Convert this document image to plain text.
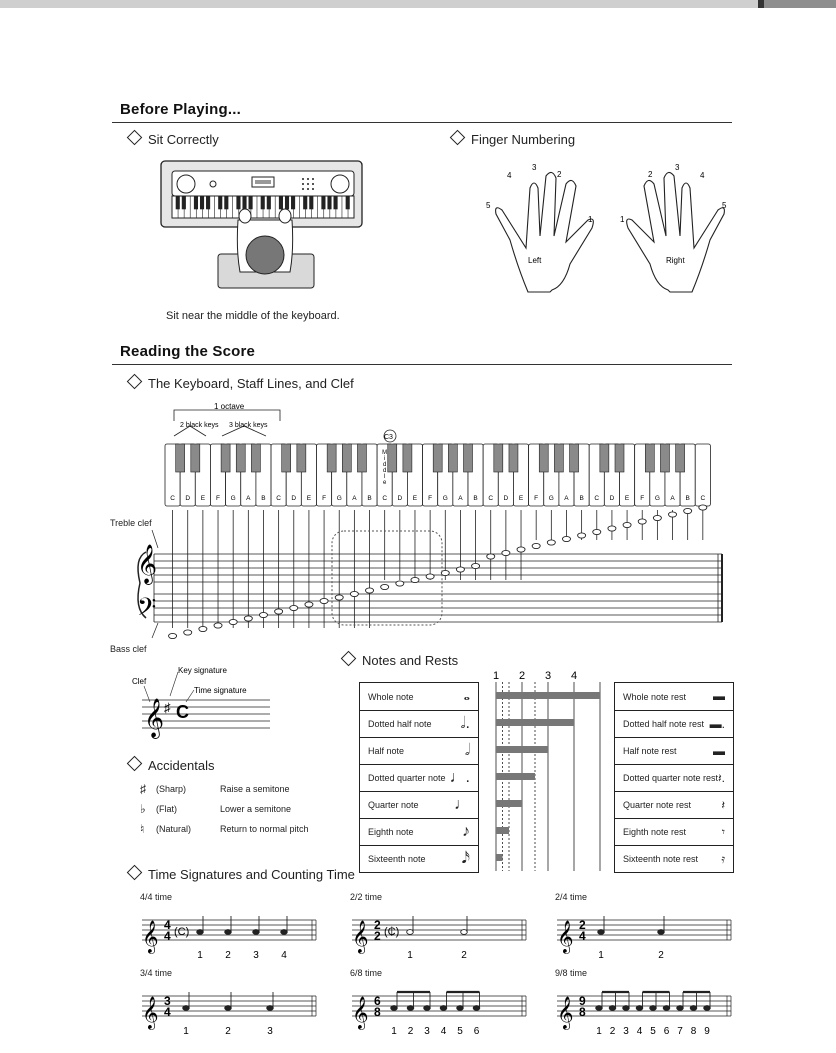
Before Playing...
Sit Correctly	Finger Numbering
Sit near the middle of the keyboard.
5
4
3
2
1
Left
1
2
3
4
5
Right
Reading the Score
The Keyboard, Staff Lines, and Clef
1 octave
2 black keys 3 black keys
C3
C D E F G A B C D E F G A B C D E F G A B C D E F G A B C D E F G A B C
M
i
d
d
l
e
𝄞
𝄢
Treble clef
Bass clef
𝄞 ♯ C
Clef
Key signature
Time signature
Accidentals
♯ (Sharp)	Raise a semitone
♭ (Flat)	Lower a semitone
♮ (Natural)	Return to normal pitch
Notes and Rests
Whole note	𝅝
Dotted half note 𝅗𝅥.
Half note	𝅗𝅥
Dotted quarter note ♩.
Quarter note ♩
Eighth note	♪
Sixteenth note 𝅘𝅥𝅯
Whole note rest ▬
Dotted half note rest ▬.
Half note rest	▬
Dotted quarter note rest 𝄽.
Quarter note rest	𝄽
Eighth note rest	𝄾
Sixteenth note rest 𝄿
1 2 3 4
Time Signatures and Counting Time
4/4 time
𝄞 4
4 (C)
1 2 3 4
2/2 time
𝄞 2
2 (₵)
1	2
2/4 time
𝄞 2
4
1	2
3/4 time
𝄞 3
4
1	2	3
6/8 time
𝄞 6
8
1 2 3 4 5 6
9/8 time
𝄞 9
8
1 2 3 4 5 6 7 8 9
